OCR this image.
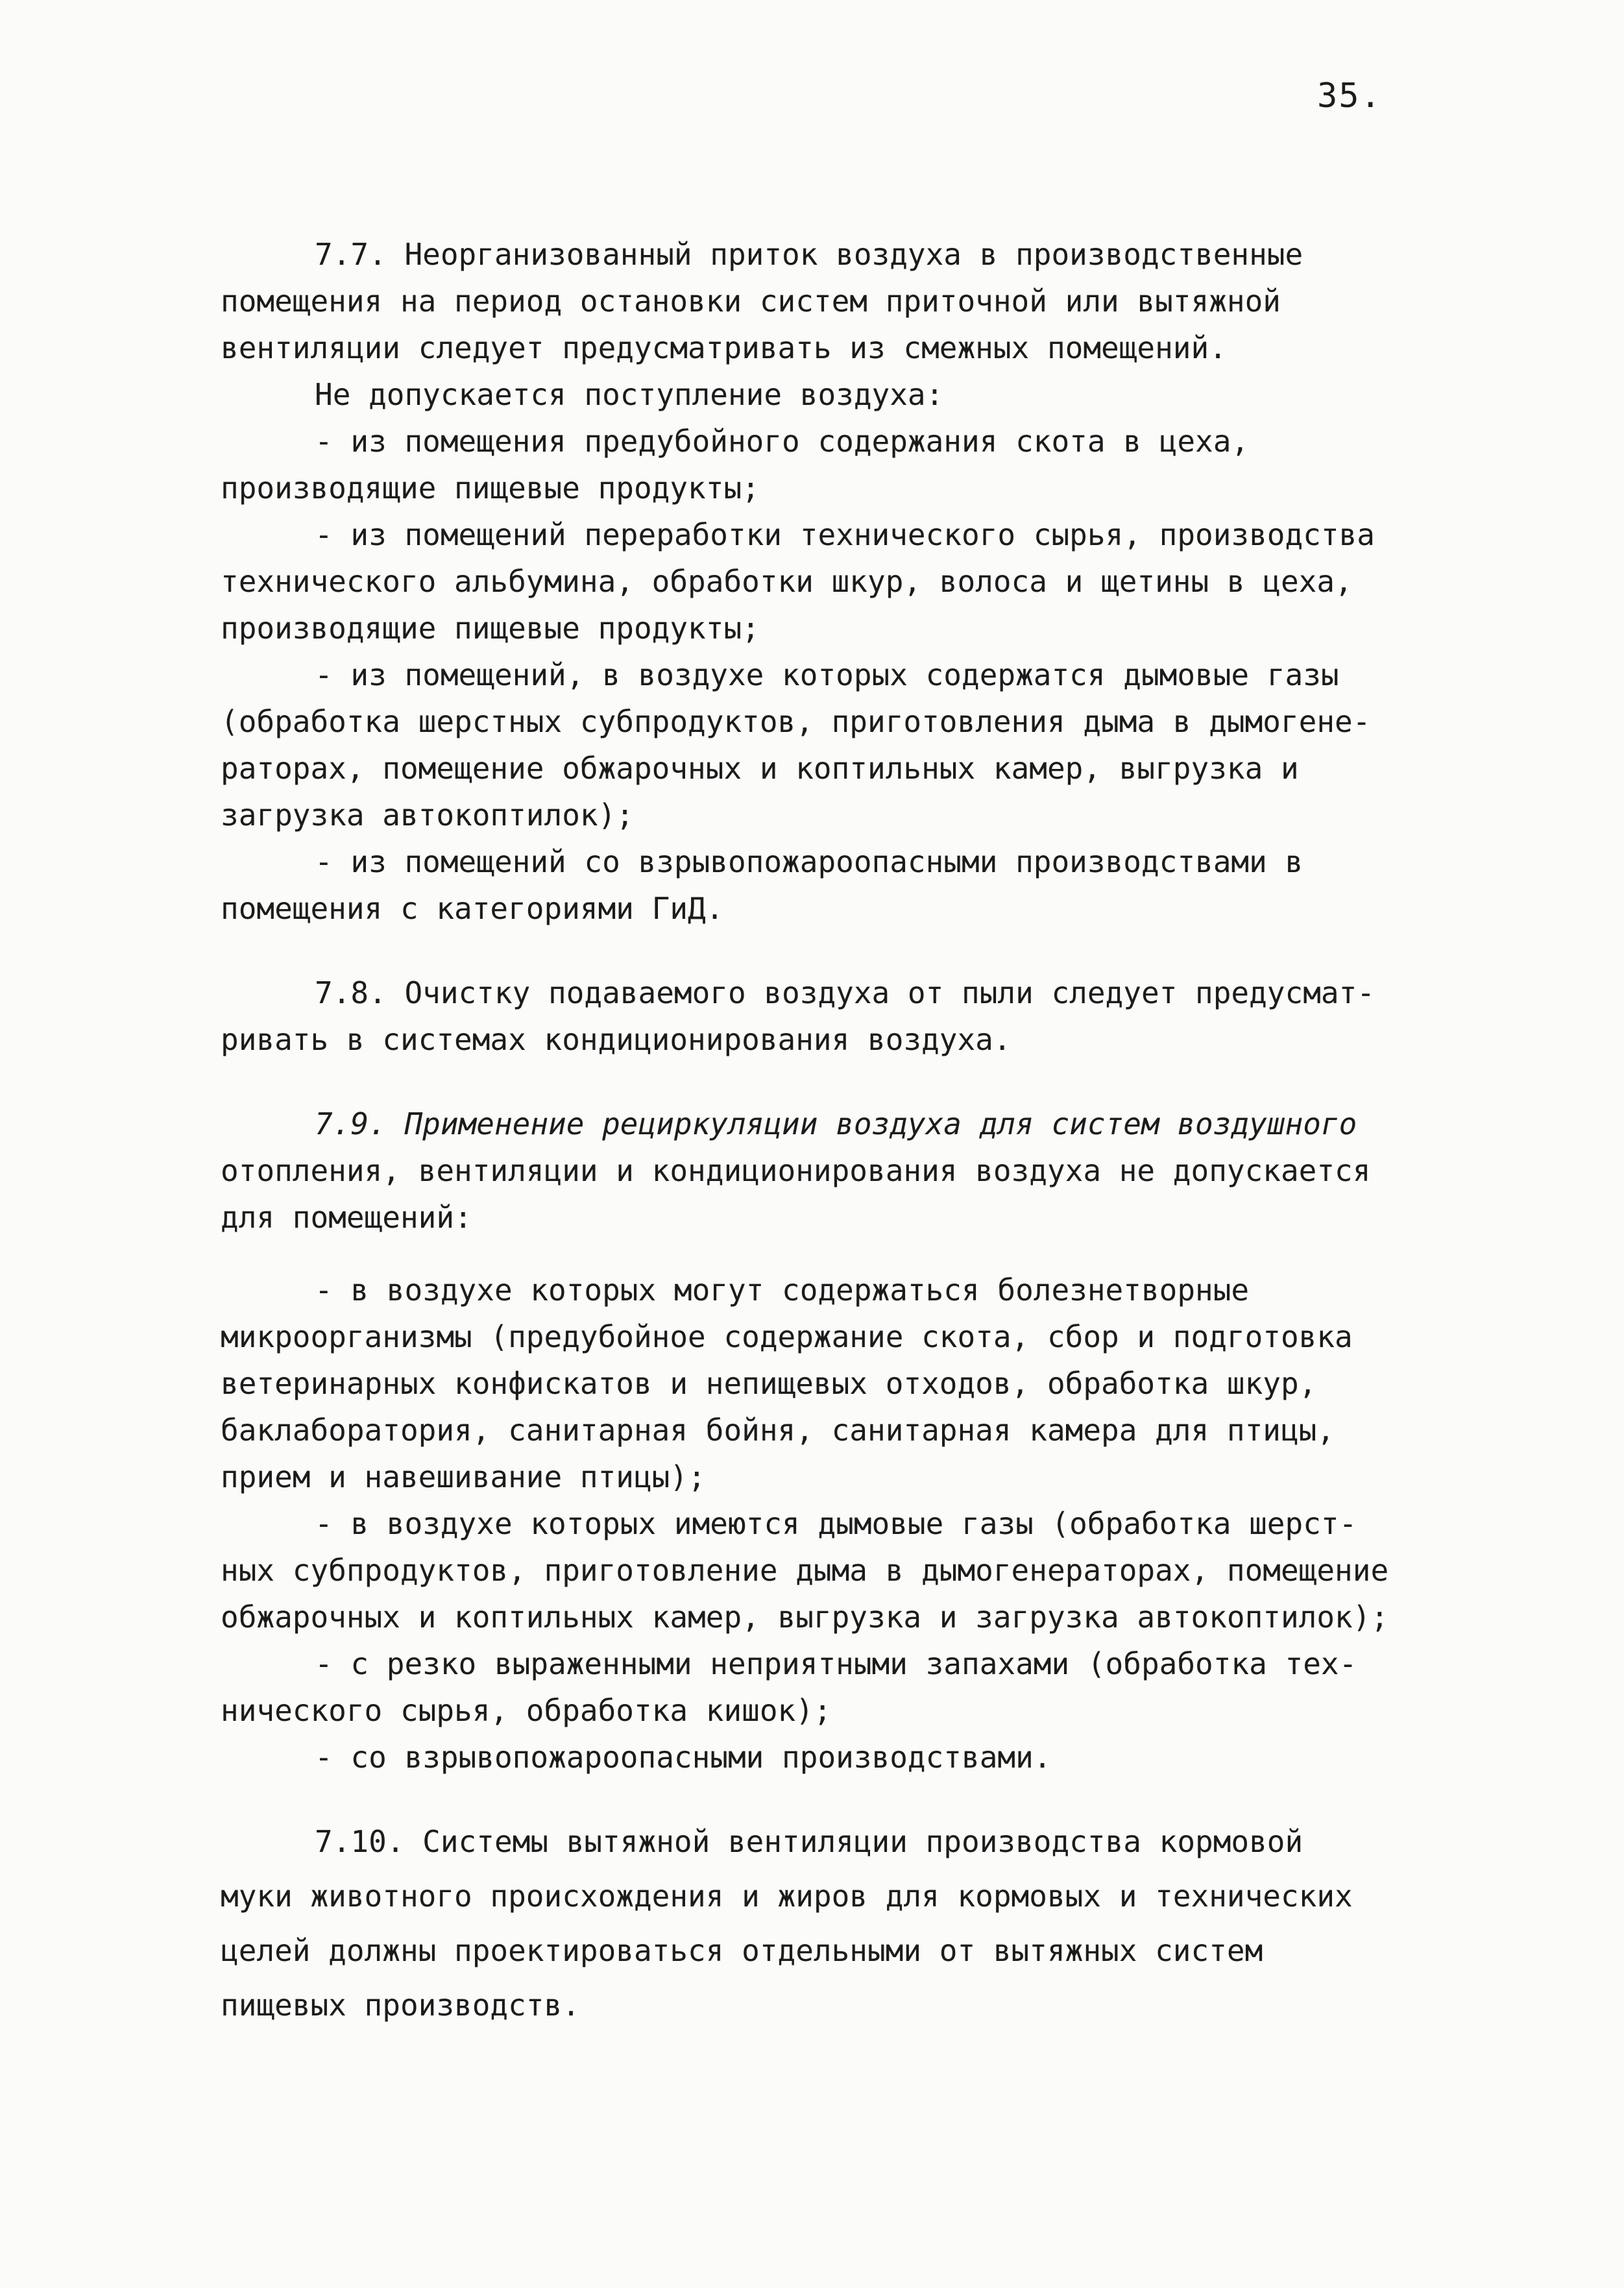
35.
7.7. Неорганизованный приток воздуха в производственные
помещения на период остановки систем приточной или вытяжной
вентиляции следует предусматривать из смежных помещений.
Не допускается поступление воздуха:
- из помещения предубойного содержания скота в цеха,
производящие пищевые продукты;
- из помещений переработки технического сырья, производства
технического альбумина, обработки шкур, волоса и щетины в цеха,
производящие пищевые продукты;
- из помещений, в воздухе которых содержатся дымовые газы
(обработка шерстных субпродуктов, приготовления дыма в дымогене-
раторах, помещение обжарочных и коптильных камер, выгрузка и
загрузка автокоптилок);
- из помещений со взрывопожароопасными производствами в
помещения с категориями ГиД.
7.8. Очистку подаваемого воздуха от пыли следует предусмат-
ривать в системах кондиционирования воздуха.
7.9. Применение рециркуляции воздуха для систем воздушного
отопления, вентиляции и кондиционирования воздуха не допускается
для помещений:
- в воздухе которых могут содержаться болезнетворные
микроорганизмы (предубойное содержание скота, сбор и подготовка
ветеринарных конфискатов и непищевых отходов, обработка шкур,
баклаборатория, санитарная бойня, санитарная камера для птицы,
прием и навешивание птицы);
- в воздухе которых имеются дымовые газы (обработка шерст-
ных субпродуктов, приготовление дыма в дымогенераторах, помещение
обжарочных и коптильных камер, выгрузка и загрузка автокоптилок);
- с резко выраженными неприятными запахами (обработка тех-
нического сырья, обработка кишок);
- со взрывопожароопасными производствами.
7.10. Системы вытяжной вентиляции производства кормовой
муки животного происхождения и жиров для кормовых и технических
целей должны проектироваться отдельными от вытяжных систем
пищевых производств.
